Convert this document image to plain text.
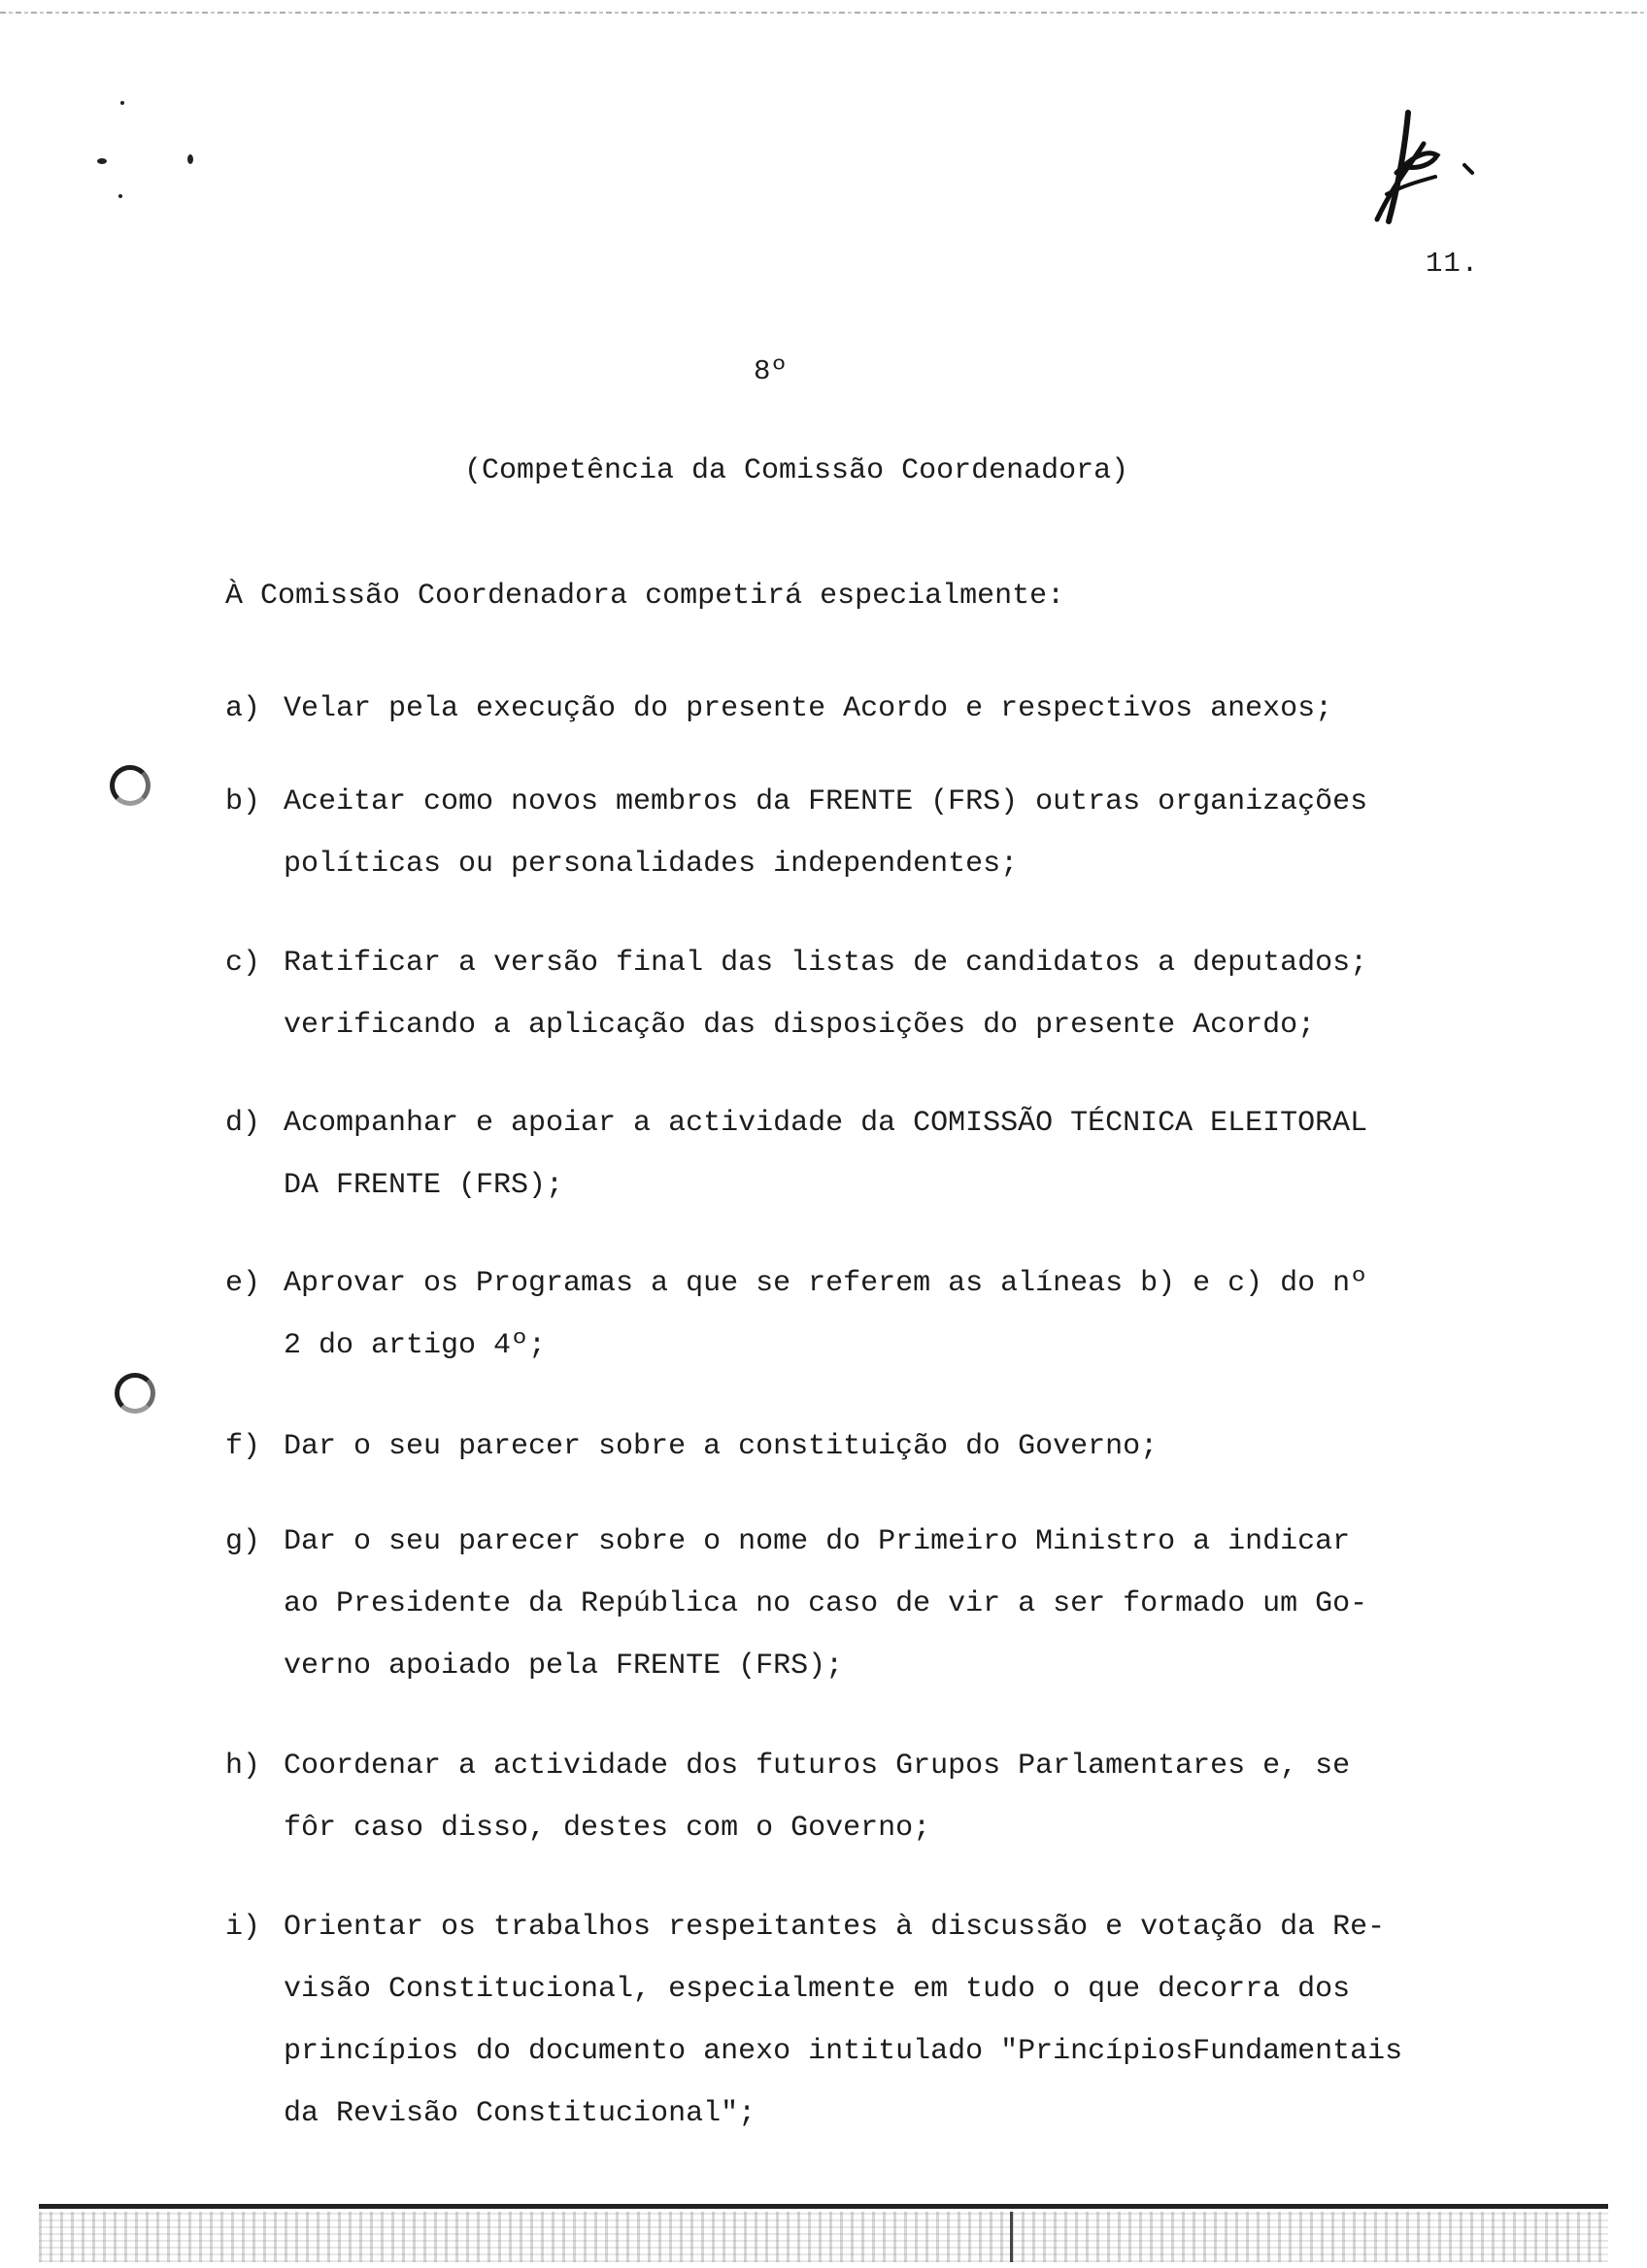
11.
8º
(Competência da Comissão Coordenadora)
À Comissão Coordenadora competirá especialmente:
a) Velar pela execução do presente Acordo e respectivos anexos;
b) Aceitar como novos membros da FRENTE (FRS) outras organizações
políticas ou personalidades independentes;
c) Ratificar a versão final das listas de candidatos a deputados;
verificando a aplicação das disposições do presente Acordo;
d) Acompanhar e apoiar a actividade da COMISSÃO TÉCNICA ELEITORAL
DA FRENTE (FRS);
e) Aprovar os Programas a que se referem as alíneas b) e c) do nº
2 do artigo 4º;
f) Dar o seu parecer sobre a constituição do Governo;
g) Dar o seu parecer sobre o nome do Primeiro Ministro a indicar
ao Presidente da República no caso de vir a ser formado um Go-
verno apoiado pela FRENTE (FRS);
h) Coordenar a actividade dos futuros Grupos Parlamentares e, se
fôr caso disso, destes com o Governo;
i) Orientar os trabalhos respeitantes à discussão e votação da Re-
visão Constitucional, especialmente em tudo o que decorra dos
princípios do documento anexo intitulado "PrincípiosFundamentais
da Revisão Constitucional";
